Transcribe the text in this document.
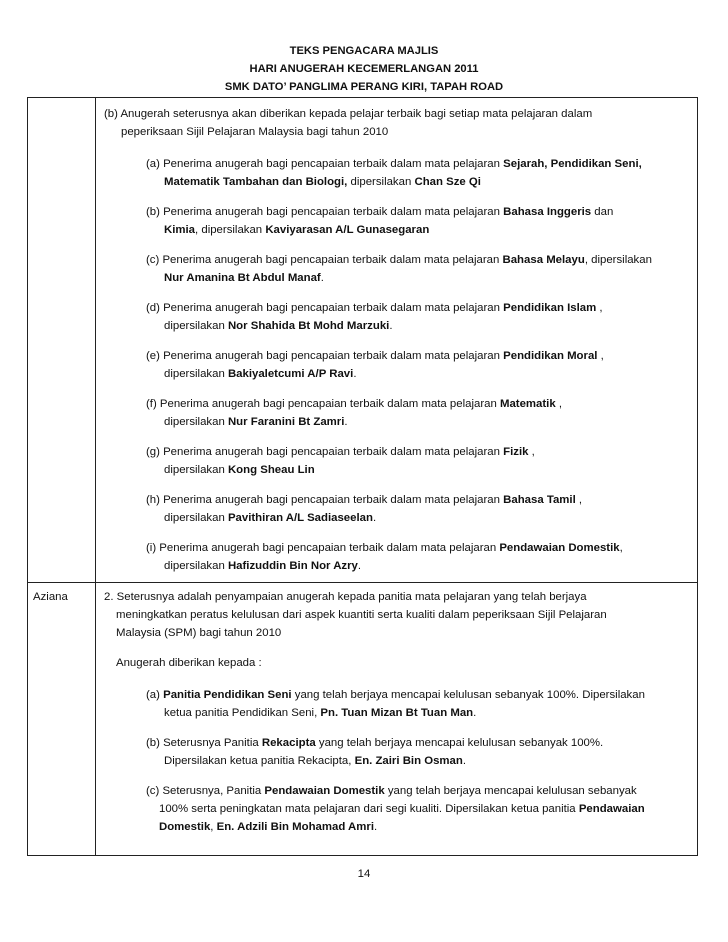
TEKS PENGACARA MAJLIS
HARI ANUGERAH KECEMERLANGAN 2011
SMK DATO’ PANGLIMA PERANG KIRI, TAPAH ROAD
(b) Anugerah seterusnya akan diberikan kepada pelajar terbaik bagi setiap mata pelajaran dalam
peperiksaan Sijil Pelajaran Malaysia bagi tahun 2010
(a) Penerima anugerah bagi pencapaian terbaik dalam mata pelajaran Sejarah, Pendidikan Seni,
Matematik Tambahan dan Biologi, dipersilakan Chan Sze Qi
(b) Penerima anugerah bagi pencapaian terbaik dalam mata pelajaran Bahasa Inggeris dan
Kimia, dipersilakan Kaviyarasan A/L Gunasegaran
(c) Penerima anugerah bagi pencapaian terbaik dalam mata pelajaran Bahasa Melayu, dipersilakan
Nur Amanina Bt Abdul Manaf.
(d) Penerima anugerah bagi pencapaian terbaik dalam mata pelajaran Pendidikan Islam ,
dipersilakan Nor Shahida Bt Mohd Marzuki.
(e) Penerima anugerah bagi pencapaian terbaik dalam mata pelajaran Pendidikan Moral ,
dipersilakan Bakiyaletcumi A/P Ravi.
(f) Penerima anugerah bagi pencapaian terbaik dalam mata pelajaran Matematik ,
dipersilakan Nur Faranini Bt Zamri.
(g) Penerima anugerah bagi pencapaian terbaik dalam mata pelajaran Fizik ,
dipersilakan Kong Sheau Lin
(h) Penerima anugerah bagi pencapaian terbaik dalam mata pelajaran Bahasa Tamil ,
dipersilakan Pavithiran A/L Sadiaseelan.
(i) Penerima anugerah bagi pencapaian terbaik dalam mata pelajaran Pendawaian Domestik,
dipersilakan Hafizuddin Bin Nor Azry.
Aziana	2. Seterusnya adalah penyampaian anugerah kepada panitia mata pelajaran yang telah berjaya
meningkatkan peratus kelulusan dari aspek kuantiti serta kualiti dalam peperiksaan Sijil Pelajaran
Malaysia (SPM) bagi tahun 2010
Anugerah diberikan kepada :
(a) Panitia Pendidikan Seni yang telah berjaya mencapai kelulusan sebanyak 100%. Dipersilakan
ketua panitia Pendidikan Seni, Pn. Tuan Mizan Bt Tuan Man.
(b) Seterusnya Panitia Rekacipta yang telah berjaya mencapai kelulusan sebanyak 100%.
Dipersilakan ketua panitia Rekacipta, En. Zairi Bin Osman.
(c) Seterusnya, Panitia Pendawaian Domestik yang telah berjaya mencapai kelulusan sebanyak
100% serta peningkatan mata pelajaran dari segi kualiti. Dipersilakan ketua panitia Pendawaian
Domestik, En. Adzili Bin Mohamad Amri.
14
